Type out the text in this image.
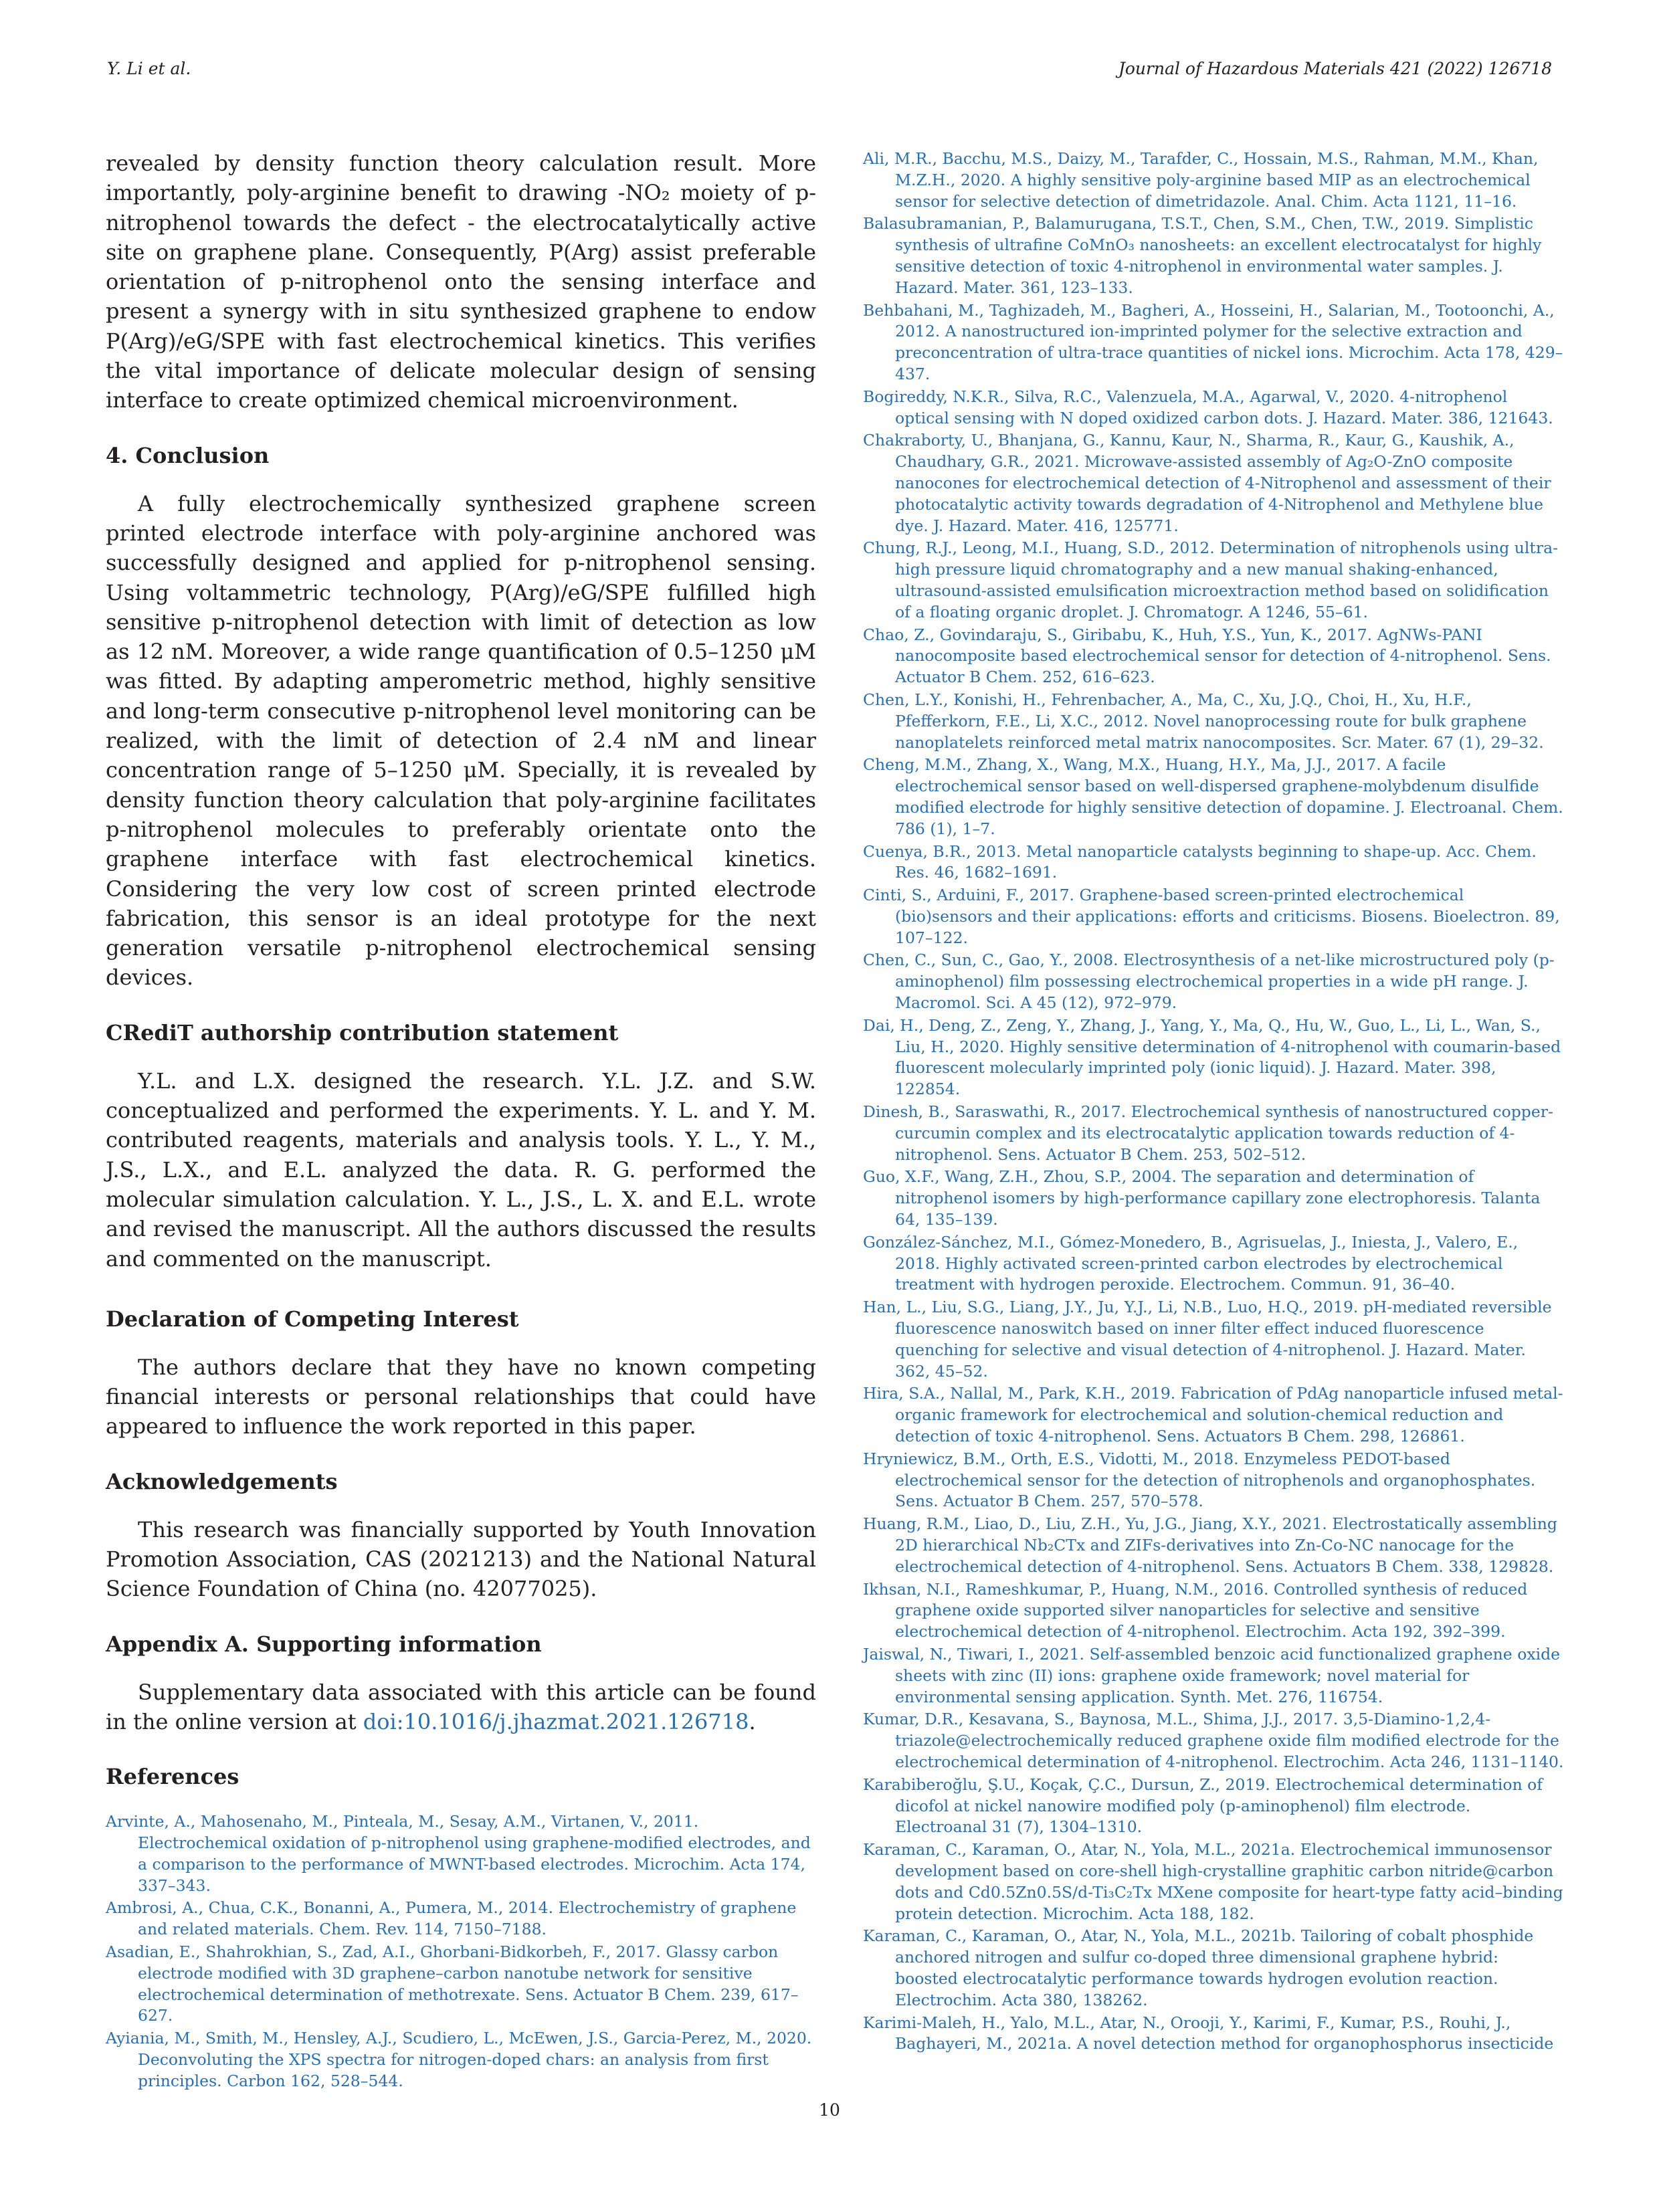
Y. Li et al.	Journal of Hazardous Materials 421 (2022) 126718

revealed by density function theory calculation result. More importantly, poly-arginine benefit to drawing -NO₂ moiety of p-nitrophenol towards the defect - the electrocatalytically active site on graphene plane. Consequently, P(Arg) assist preferable orientation of p-nitrophenol onto the sensing interface and present a synergy with in situ synthesized graphene to endow P(Arg)/eG/SPE with fast electrochemical kinetics. This verifies the vital importance of delicate molecular design of sensing interface to create optimized chemical microenvironment.

4. Conclusion

A fully electrochemically synthesized graphene screen printed electrode interface with poly-arginine anchored was successfully designed and applied for p-nitrophenol sensing. Using voltammetric technology, P(Arg)/eG/SPE fulfilled high sensitive p-nitrophenol detection with limit of detection as low as 12 nM. Moreover, a wide range quantification of 0.5–1250 μM was fitted. By adapting amperometric method, highly sensitive and long-term consecutive p-nitrophenol level monitoring can be realized, with the limit of detection of 2.4 nM and linear concentration range of 5–1250 μM. Specially, it is revealed by density function theory calculation that poly-arginine facilitates p-nitrophenol molecules to preferably orientate onto the graphene interface with fast electrochemical kinetics. Considering the very low cost of screen printed electrode fabrication, this sensor is an ideal prototype for the next generation versatile p-nitrophenol electrochemical sensing devices.

CRediT authorship contribution statement

Y.L. and L.X. designed the research. Y.L. J.Z. and S.W. conceptualized and performed the experiments. Y. L. and Y. M. contributed reagents, materials and analysis tools. Y. L., Y. M., J.S., L.X., and E.L. analyzed the data. R. G. performed the molecular simulation calculation. Y. L., J.S., L. X. and E.L. wrote and revised the manuscript. All the authors discussed the results and commented on the manuscript.

Declaration of Competing Interest

The authors declare that they have no known competing financial interests or personal relationships that could have appeared to influence the work reported in this paper.

Acknowledgements

This research was financially supported by Youth Innovation Promotion Association, CAS (2021213) and the National Natural Science Foundation of China (no. 42077025).

Appendix A. Supporting information

Supplementary data associated with this article can be found in the online version at doi:10.1016/j.jhazmat.2021.126718.

References

Arvinte, A., Mahosenaho, M., Pinteala, M., Sesay, A.M., Virtanen, V., 2011. Electrochemical oxidation of p-nitrophenol using graphene-modified electrodes, and a comparison to the performance of MWNT-based electrodes. Microchim. Acta 174, 337–343.
Ambrosi, A., Chua, C.K., Bonanni, A., Pumera, M., 2014. Electrochemistry of graphene and related materials. Chem. Rev. 114, 7150–7188.
Asadian, E., Shahrokhian, S., Zad, A.I., Ghorbani-Bidkorbeh, F., 2017. Glassy carbon electrode modified with 3D graphene–carbon nanotube network for sensitive electrochemical determination of methotrexate. Sens. Actuator B Chem. 239, 617–627.
Ayiania, M., Smith, M., Hensley, A.J., Scudiero, L., McEwen, J.S., Garcia-Perez, M., 2020. Deconvoluting the XPS spectra for nitrogen-doped chars: an analysis from first principles. Carbon 162, 528–544.
Ali, M.R., Bacchu, M.S., Daizy, M., Tarafder, C., Hossain, M.S., Rahman, M.M., Khan, M.Z.H., 2020. A highly sensitive poly-arginine based MIP as an electrochemical sensor for selective detection of dimetridazole. Anal. Chim. Acta 1121, 11–16.
Balasubramanian, P., Balamurugana, T.S.T., Chen, S.M., Chen, T.W., 2019. Simplistic synthesis of ultrafine CoMnO₃ nanosheets: an excellent electrocatalyst for highly sensitive detection of toxic 4-nitrophenol in environmental water samples. J. Hazard. Mater. 361, 123–133.
Behbahani, M., Taghizadeh, M., Bagheri, A., Hosseini, H., Salarian, M., Tootoonchi, A., 2012. A nanostructured ion-imprinted polymer for the selective extraction and preconcentration of ultra-trace quantities of nickel ions. Microchim. Acta 178, 429–437.
Bogireddy, N.K.R., Silva, R.C., Valenzuela, M.A., Agarwal, V., 2020. 4-nitrophenol optical sensing with N doped oxidized carbon dots. J. Hazard. Mater. 386, 121643.
Chakraborty, U., Bhanjana, G., Kannu, Kaur, N., Sharma, R., Kaur, G., Kaushik, A., Chaudhary, G.R., 2021. Microwave-assisted assembly of Ag₂O-ZnO composite nanocones for electrochemical detection of 4-Nitrophenol and assessment of their photocatalytic activity towards degradation of 4-Nitrophenol and Methylene blue dye. J. Hazard. Mater. 416, 125771.
Chung, R.J., Leong, M.I., Huang, S.D., 2012. Determination of nitrophenols using ultra-high pressure liquid chromatography and a new manual shaking-enhanced, ultrasound-assisted emulsification microextraction method based on solidification of a floating organic droplet. J. Chromatogr. A 1246, 55–61.
Chao, Z., Govindaraju, S., Giribabu, K., Huh, Y.S., Yun, K., 2017. AgNWs-PANI nanocomposite based electrochemical sensor for detection of 4-nitrophenol. Sens. Actuator B Chem. 252, 616–623.
Chen, L.Y., Konishi, H., Fehrenbacher, A., Ma, C., Xu, J.Q., Choi, H., Xu, H.F., Pfefferkorn, F.E., Li, X.C., 2012. Novel nanoprocessing route for bulk graphene nanoplatelets reinforced metal matrix nanocomposites. Scr. Mater. 67 (1), 29–32.
Cheng, M.M., Zhang, X., Wang, M.X., Huang, H.Y., Ma, J.J., 2017. A facile electrochemical sensor based on well-dispersed graphene-molybdenum disulfide modified electrode for highly sensitive detection of dopamine. J. Electroanal. Chem. 786 (1), 1–7.
Cuenya, B.R., 2013. Metal nanoparticle catalysts beginning to shape-up. Acc. Chem. Res. 46, 1682–1691.
Cinti, S., Arduini, F., 2017. Graphene-based screen-printed electrochemical (bio)sensors and their applications: efforts and criticisms. Biosens. Bioelectron. 89, 107–122.
Chen, C., Sun, C., Gao, Y., 2008. Electrosynthesis of a net-like microstructured poly (p-aminophenol) film possessing electrochemical properties in a wide pH range. J. Macromol. Sci. A 45 (12), 972–979.
Dai, H., Deng, Z., Zeng, Y., Zhang, J., Yang, Y., Ma, Q., Hu, W., Guo, L., Li, L., Wan, S., Liu, H., 2020. Highly sensitive determination of 4-nitrophenol with coumarin-based fluorescent molecularly imprinted poly (ionic liquid). J. Hazard. Mater. 398, 122854.
Dinesh, B., Saraswathi, R., 2017. Electrochemical synthesis of nanostructured copper-curcumin complex and its electrocatalytic application towards reduction of 4-nitrophenol. Sens. Actuator B Chem. 253, 502–512.
Guo, X.F., Wang, Z.H., Zhou, S.P., 2004. The separation and determination of nitrophenol isomers by high-performance capillary zone electrophoresis. Talanta 64, 135–139.
González-Sánchez, M.I., Gómez-Monedero, B., Agrisuelas, J., Iniesta, J., Valero, E., 2018. Highly activated screen-printed carbon electrodes by electrochemical treatment with hydrogen peroxide. Electrochem. Commun. 91, 36–40.
Han, L., Liu, S.G., Liang, J.Y., Ju, Y.J., Li, N.B., Luo, H.Q., 2019. pH-mediated reversible fluorescence nanoswitch based on inner filter effect induced fluorescence quenching for selective and visual detection of 4-nitrophenol. J. Hazard. Mater. 362, 45–52.
Hira, S.A., Nallal, M., Park, K.H., 2019. Fabrication of PdAg nanoparticle infused metal-organic framework for electrochemical and solution-chemical reduction and detection of toxic 4-nitrophenol. Sens. Actuators B Chem. 298, 126861.
Hryniewicz, B.M., Orth, E.S., Vidotti, M., 2018. Enzymeless PEDOT-based electrochemical sensor for the detection of nitrophenols and organophosphates. Sens. Actuator B Chem. 257, 570–578.
Huang, R.M., Liao, D., Liu, Z.H., Yu, J.G., Jiang, X.Y., 2021. Electrostatically assembling 2D hierarchical Nb₂CTx and ZIFs-derivatives into Zn-Co-NC nanocage for the electrochemical detection of 4-nitrophenol. Sens. Actuators B Chem. 338, 129828.
Ikhsan, N.I., Rameshkumar, P., Huang, N.M., 2016. Controlled synthesis of reduced graphene oxide supported silver nanoparticles for selective and sensitive electrochemical detection of 4-nitrophenol. Electrochim. Acta 192, 392–399.
Jaiswal, N., Tiwari, I., 2021. Self-assembled benzoic acid functionalized graphene oxide sheets with zinc (II) ions: graphene oxide framework; novel material for environmental sensing application. Synth. Met. 276, 116754.
Kumar, D.R., Kesavana, S., Baynosa, M.L., Shima, J.J., 2017. 3,5-Diamino-1,2,4-triazole@electrochemically reduced graphene oxide film modified electrode for the electrochemical determination of 4-nitrophenol. Electrochim. Acta 246, 1131–1140.
Karabiberoğlu, Ş.U., Koçak, Ç.C., Dursun, Z., 2019. Electrochemical determination of dicofol at nickel nanowire modified poly (p-aminophenol) film electrode. Electroanal 31 (7), 1304–1310.
Karaman, C., Karaman, O., Atar, N., Yola, M.L., 2021a. Electrochemical immunosensor development based on core-shell high-crystalline graphitic carbon nitride@carbon dots and Cd0.5Zn0.5S/d-Ti₃C₂Tx MXene composite for heart-type fatty acid–binding protein detection. Microchim. Acta 188, 182.
Karaman, C., Karaman, O., Atar, N., Yola, M.L., 2021b. Tailoring of cobalt phosphide anchored nitrogen and sulfur co-doped three dimensional graphene hybrid: boosted electrocatalytic performance towards hydrogen evolution reaction. Electrochim. Acta 380, 138262.
Karimi-Maleh, H., Yalo, M.L., Atar, N., Orooji, Y., Karimi, F., Kumar, P.S., Rouhi, J., Baghayeri, M., 2021a. A novel detection method for organophosphorus insecticide
10
